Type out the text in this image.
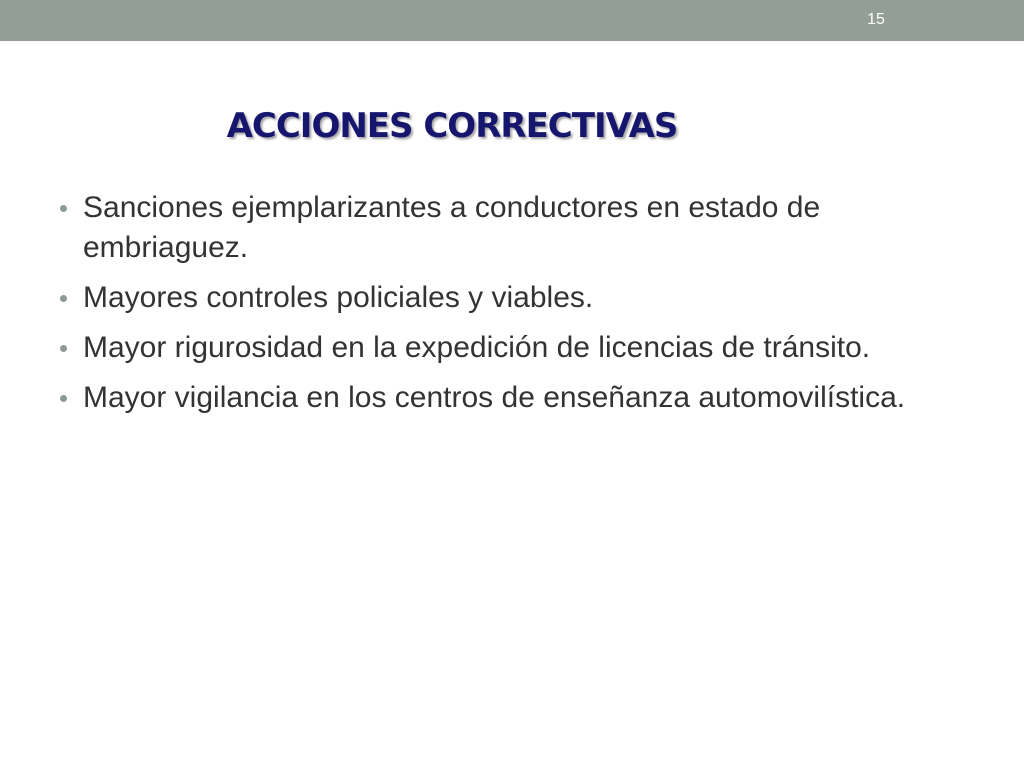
15
ACCIONES CORRECTIVAS
Sanciones ejemplarizantes a conductores en estado de embriaguez.
Mayores controles policiales y viables.
Mayor rigurosidad en la expedición de licencias de tránsito.
Mayor vigilancia en los centros de enseñanza automovilística.
